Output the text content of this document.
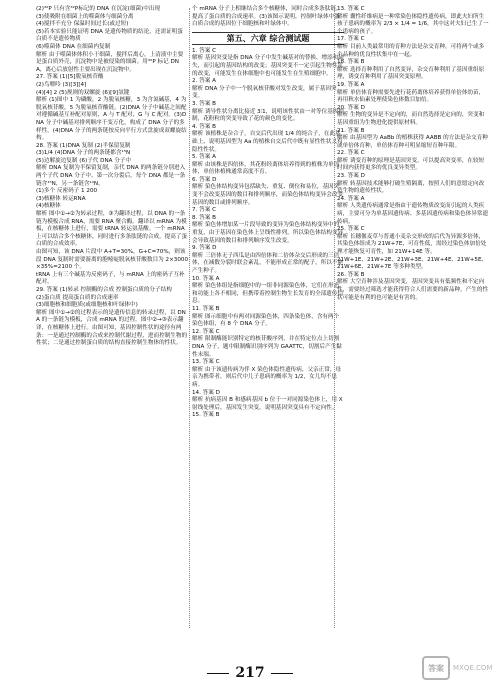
(2)³²P 只有含³²P标记的 DNA 在沉淀(细菌)中出现
(3)使吸附在细菌上的噬菌体与细菌分离
(4)搅拌不充分 保温时间过长(或过短)
(5)若本实验只能证明 DNA 是遗传物质的结论，还需证明蛋白质不是遗传物质
(6)噬菌体 DNA 在细菌内复制
解析 由于噬菌体体积小于细菌，搅拌后离心，上清液中主要是蛋白质外壳，沉淀物中是被侵染的细菌。用³²P 标记 DNA，离心后放射性主要出现在沉淀物中。
27. 答案 (1)[5]脱氧核苷酸
(2)鸟嘌呤 (3)[3][4]
(4)[4] 2 (5)规则的双螺旋 (6)[9]氢键
解析 (1)图中 1 为磷酸，2 为脱氧核糖，3 为含氮碱基，4 为脱氧核苷酸，5 为脱氧核苷酸链。(2)DNA 分子中碱基之间配对遵循碱基互补配对原则，A 与 T 配对，G 与 C 配对。(3)DNA 分子中碱基对排列顺序千变万化，构成了 DNA 分子的多样性。(4)DNA 分子的两条链按反向平行方式盘旋成双螺旋结构。
28. 答案 (1)DNA 复制 (2)半保留复制
(3)1/4 (4)DNA 分子的两条链都含¹⁵N
(5)边解旋边复制 (6)子代 DNA 分子中
解析 DNA 复制为半保留复制，亲代 DNA 的两条链分别进入两个子代 DNA 分子中。第一次分裂后，每个 DNA 都是一条链含¹⁵N，另一条链含¹⁴N。
(1)多个 反密码子 1 200
(3)核糖体 转运RNA
(4)核糖体
解析 图中①→②为转录过程，③为翻译过程，以 DNA 的一条链为模板合成 RNA，需要 RNA 聚合酶。翻译以 mRNA 为模板，在核糖体上进行，需要 tRNA 转运氨基酸。一个 mRNA 上可以结合多个核糖体，同时进行多条肽链的合成，提高了蛋白质的合成效率。
由图可知，该 DNA 片段中 A+T=30%，G+C=70%，则该段 DNA 复制时需要游离的胞嘧啶脱氧核苷酸数目为 2×3000×35%=2100 个。
tRNA 上有三个碱基为反密码子，与 mRNA 上的密码子互补配对。
29. 答案 (1)转录 控制酶的合成 控制蛋白质的分子结构
(2)蛋白质 提高蛋白质的合成速率
(3)细胞核和细胞质(或细胞核和叶绿体中)
解析 图中①→②的过程表示的是遗传信息的转录过程，以 DNA 的一条链为模板，合成 mRNA 的过程。图中②→③表示翻译，在核糖体上进行。由图可知，基因控制性状的途径有两条：一是通过控制酶的合成来控制代谢过程，进而控制生物的性状；二是通过控制蛋白质的结构直接控制生物体的性状。
个 mRNA 分子上相继结合多个核糖体，同时合成多条肽链，提高了蛋白质的合成速率。(3)该图示说明，控制叶绿体中蛋白质合成的基因位于细胞核和叶绿体中。
第五、六章 综合测试题
1. 答案 C
解析 基因突变是指 DNA 分子中发生碱基对的替换、增添和缺失，而引起的基因结构的改变；基因突变不一定引起生物性状的改变，可能发生在体细胞中也可能发生在生殖细胞中。
2. 答案 A
解析 DNA 分子中一个脱氧核苷酸对发生改变，属于基因突变。
3. 答案 B
解析 诱导性状分离比接近 3∶1，说明该性状由一对等位基因控制，花粉粒的突变导致了花的颜色的变化。
4. 答案 B
解析 该植株是杂合子，自交后代出现 1/4 的纯合子，在此基础上，说明基因型为 Aa 的植株自交后代中既有显性性状又有隐性性状。
5. 答案 A
解析 由该株是四倍体，其花粉经离体培养得到的植株为单倍体，单倍体植株通常高度不育。
6. 答案 D
解析 染色体结构变异包括缺失、重复、倒位和易位，基因突变不会改变基因的数目和排列顺序，而染色体结构变异会改变基因的数目或排列顺序。
7. 答案 C
8. 答案 B
解析 染色体增加某一片段导致的变异为染色体结构变异中的重复，由于基因在染色体上呈线性排列，所以染色体结构变异会导致基因的数目和排列顺序发生改变。
9. 答案 D
解析 三倍体无子西瓜是由四倍体和二倍体杂交后形成的三倍体，在减数分裂时联会紊乱，不能形成正常的配子，所以不能产生种子。
10. 答案 A
解析 染色体组是指细胞中的一组非同源染色体，它们在形态和功能上各不相同，但携带着控制生物生长发育的全部遗传信息。
11. 答案 B
解析 图示细胞中有两对同源染色体，四条染色体，含有两个染色体组，有 8 个 DNA 分子。
12. 答案 C
解析 限制酶能识别特定的核苷酸序列，并在特定位点上切割 DNA 分子，题中限制酶识别序列为 GAATTC，切割后产生黏性末端。
13. 答案 C
解析 由于该遗传病为伴 X 染色体隐性遗传病，父亲正常，母亲为携带者，则后代中儿子患病的概率为 1/2，女儿均不患病。
14. 答案 D
解析 抗病基因 B 和感病基因 b 位于一对同源染色体上，用 X 射线处理后，基因发生突变，说明基因突变具有不定向性。
15. 答案 B
13. 答案 C
解析 囊性纤维病是一种常染色体隐性遗传病，即此夫妇所生孩子患病的概率为 2/3 × 1/4 = 1/6，其中这对夫妇已生了一个患病的孩子。
17. 答案 C
解析 目前人类最常用的育种方法是杂交育种，可将两个或多个品种的优良性状集中在一起。
18. 答案 B
解析 选择育种利用了自然变异，杂交育种利用了基因重组原理，诱变育种利用了基因突变原理。
19. 答案 A
解析 单倍体育种需要先进行花药离体培养获得单倍体幼苗，再用秋水仙素处理使染色体数目加倍。
20. 答案 D
解析 生物的变异是不定向的，而自然选择是定向的，突变和基因重组为生物进化提供原材料。
21. 答案 B
解析 由基因型为 AaBb 的植株获得 AABB 的方法是杂交育种或单倍体育种，单倍体育种可明显缩短育种年限。
22. 答案 C
解析 诱变育种的原理是基因突变，可以提高突变率，在较短时间内获得更多的优良变异类型。
23. 答案 D
解析 转基因技术能够打破生殖隔离，按照人们的意愿定向改造生物的遗传性状。
24. 答案 A
解析 人类遗传病通常是指由于遗传物质改变而引起的人类疾病，主要可分为单基因遗传病、多基因遗传病和染色体异常遗传病。
25. 答案 C
解析 长穗偃麦草与普通小麦杂交形成的后代为异源多倍体，其染色体组成为 21W+7E，可育性低，需经过染色体加倍处理才能恢复可育性，如 21W+14E 等。
21W+1E、21W+2E、21W+3E、21W+4E、21W+5E、21W+6E、21W+7E 等多种类型。
26. 答案 B
解析 大空育种涉及基因突变，基因突变具有低频性和不定向性，需要经过筛选才能获得符合人们需要的新品种，产生的性状可能是有利的也可能是有害的。
217	答案	MXQE.COM
